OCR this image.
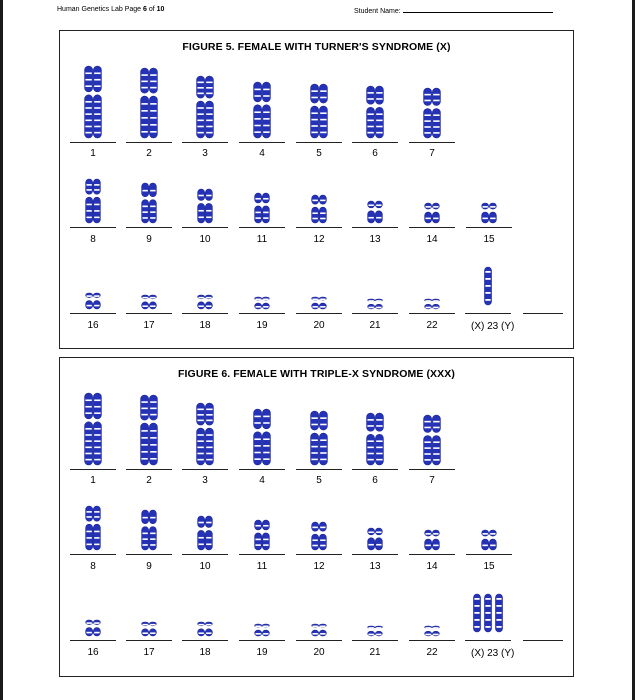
Human Genetics Lab Page 6 of 10	Student Name:
FIGURE 5. FEMALE WITH TURNER'S SYNDROME (X)
1	2	3	4	5	6	7
8	9	10	11	12	13	14	15
16	17	18	19	20	21	22	(X) 23 (Y)
FIGURE 6. FEMALE WITH TRIPLE-X SYNDROME (XXX)
1	2	3	4	5	6	7
8	9	10	11	12	13	14	15
16	17	18	19	20	21	22	(X) 23 (Y)
